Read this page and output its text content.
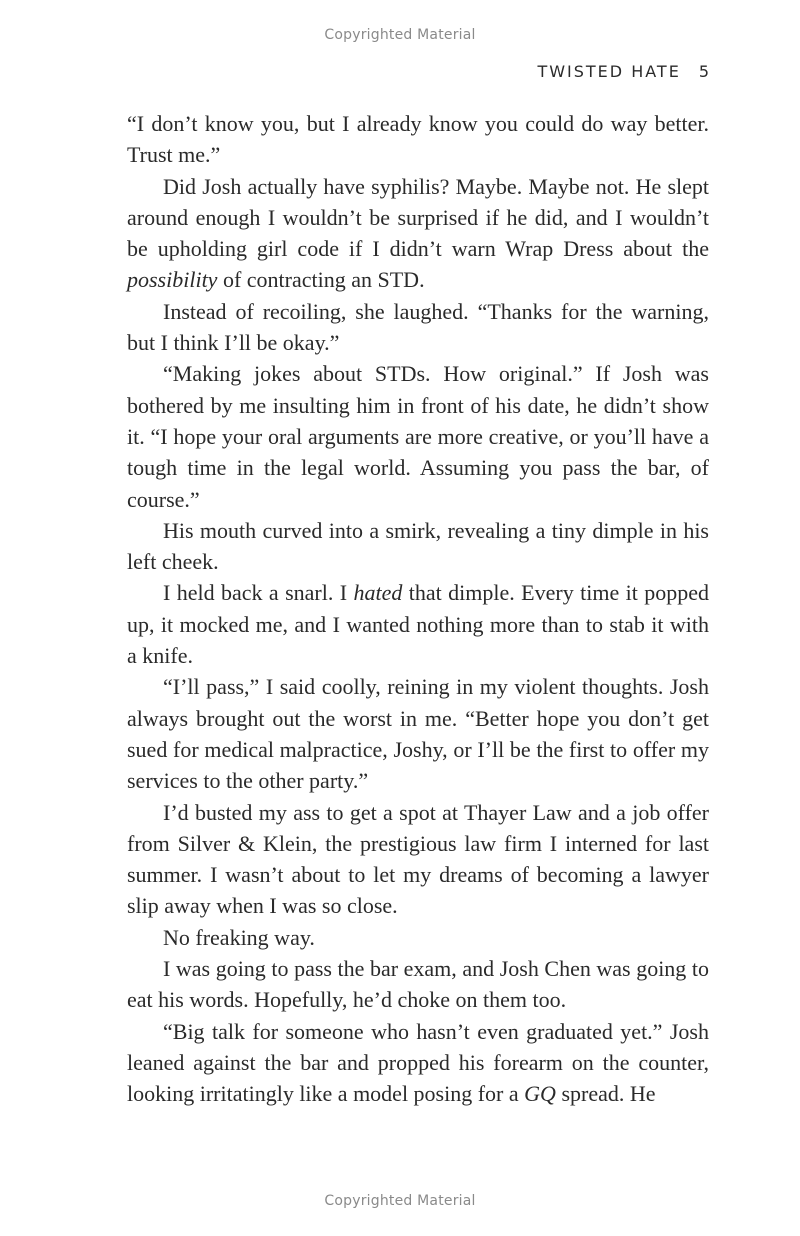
Copyrighted Material
TWISTED HATE 5

“I don’t know you, but I already know you could do way better. Trust me.”

Did Josh actually have syphilis? Maybe. Maybe not. He slept around enough I wouldn’t be surprised if he did, and I wouldn’t be upholding girl code if I didn’t warn Wrap Dress about the possibility of contracting an STD.

Instead of recoiling, she laughed. “Thanks for the warning, but I think I’ll be okay.”

“Making jokes about STDs. How original.” If Josh was bothered by me insulting him in front of his date, he didn’t show it. “I hope your oral arguments are more creative, or you’ll have a tough time in the legal world. Assuming you pass the bar, of course.”

His mouth curved into a smirk, revealing a tiny dimple in his left cheek.

I held back a snarl. I hated that dimple. Every time it popped up, it mocked me, and I wanted nothing more than to stab it with a knife.

“I’ll pass,” I said coolly, reining in my violent thoughts. Josh always brought out the worst in me. “Better hope you don’t get sued for medical malpractice, Joshy, or I’ll be the first to offer my services to the other party.”

I’d busted my ass to get a spot at Thayer Law and a job offer from Silver & Klein, the prestigious law firm I interned for last summer. I wasn’t about to let my dreams of becoming a lawyer slip away when I was so close.

No freaking way.

I was going to pass the bar exam, and Josh Chen was going to eat his words. Hopefully, he’d choke on them too.

“Big talk for someone who hasn’t even graduated yet.” Josh leaned against the bar and propped his forearm on the counter, looking irritatingly like a model posing for a GQ spread. He

Copyrighted Material
